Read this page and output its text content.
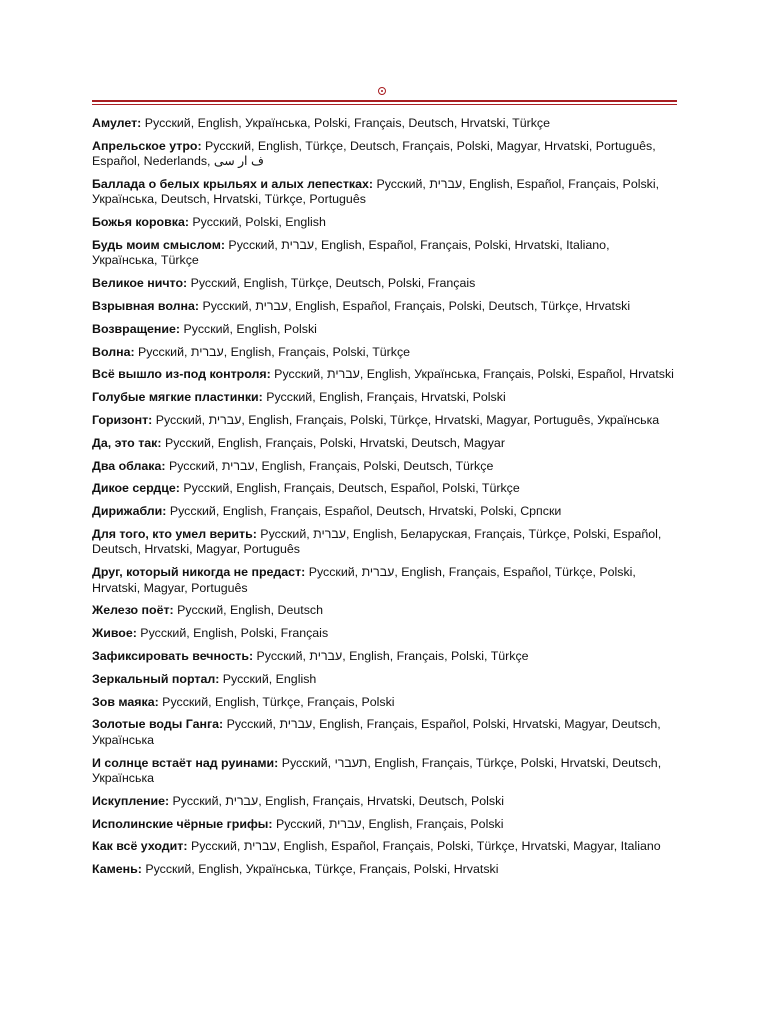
Амулет: Русский, English, Українська, Polski, Français, Deutsch, Hrvatski, Türkçe

Апрельское утро: Русский, English, Türkçe, Deutsch, Français, Polski, Magyar, Hrvatski, Português, Español, Nederlands, ف ار سی

Баллада о белых крыльях и алых лепестках: Русский, עברית, English, Español, Français, Polski, Українська, Deutsch, Hrvatski, Türkçe, Português

Божья коровка: Русский, Polski, English

Будь моим смыслом: Русский, עברית, English, Español, Français, Polski, Hrvatski, Italiano, Українська, Türkçe

Великое ничто: Русский, English, Türkçe, Deutsch, Polski, Français

Взрывная волна: Русский, עברית, English, Español, Français, Polski, Deutsch, Türkçe, Hrvatski

Возвращение: Русский, English, Polski

Волна: Русский, עברית, English, Français, Polski, Türkçe

Всё вышло из-под контроля: Русский, עברית, English, Українська, Français, Polski, Español, Hrvatski

Голубые мягкие пластинки: Русский, English, Français, Hrvatski, Polski

Горизонт: Русский, עברית, English, Français, Polski, Türkçe, Hrvatski, Magyar, Português, Українська

Да, это так: Русский, English, Français, Polski, Hrvatski, Deutsch, Magyar

Два облака: Русский, עברית, English, Français, Polski, Deutsch, Türkçe

Дикое сердце: Русский, English, Français, Deutsch, Español, Polski, Türkçe

Дирижабли: Русский, English, Français, Español, Deutsch, Hrvatski, Polski, Српски

Для того, кто умел верить: Русский, עברית, English, Беларуская, Français, Türkçe, Polski, Español, Deutsch, Hrvatski, Magyar, Português

Друг, который никогда не предаст: Русский, עברית, English, Français, Español, Türkçe, Polski, Hrvatski, Magyar, Português

Железо поёт: Русский, English, Deutsch

Живое: Русский, English, Polski, Français

Зафиксировать вечность: Русский, עברית, English, Français, Polski, Türkçe

Зеркальный портал: Русский, English

Зов маяка: Русский, English, Türkçe, Français, Polski

Золотые воды Ганга: Русский, עברית, English, Français, Español, Polski, Hrvatski, Magyar, Deutsch, Українська

И солнце встаёт над руинами: Русский, תעברי, English, Français, Türkçe, Polski, Hrvatski, Deutsch, Українська

Искупление: Русский, עברית, English, Français, Hrvatski, Deutsch, Polski

Исполинские чёрные грифы: Русский, עברית, English, Français, Polski

Как всё уходит: Русский, עברית, English, Español, Français, Polski, Türkçe, Hrvatski, Magyar, Italiano

Камень: Русский, English, Українська, Türkçe, Français, Polski, Hrvatski
